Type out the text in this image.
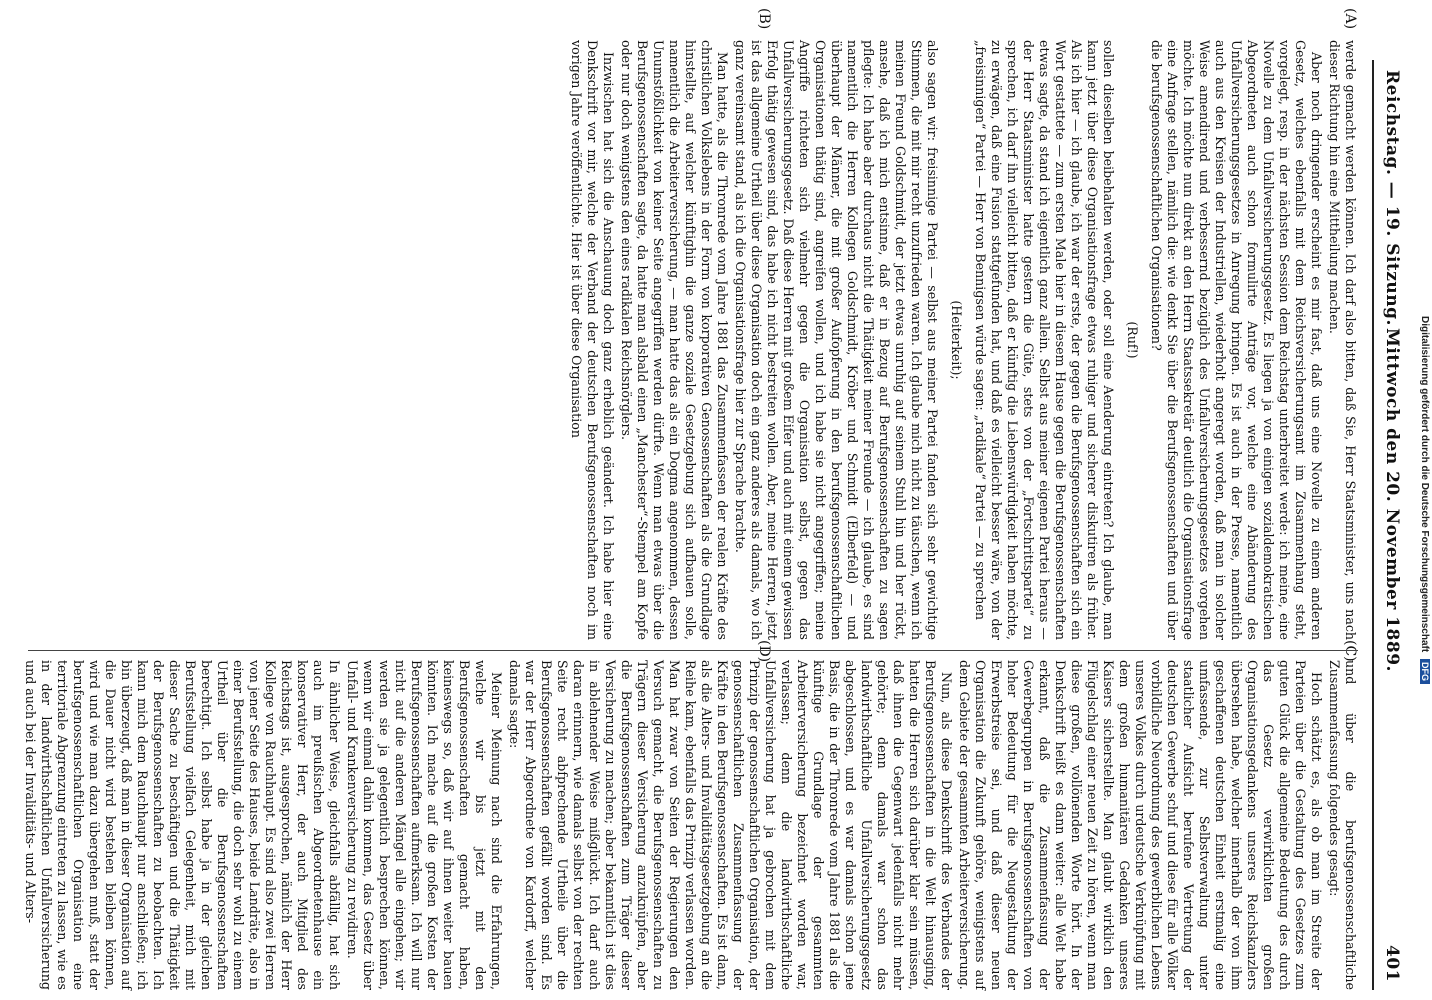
Reichstag. — 19. Sitzung.
Mittwoch den 20. November 1889.
401
(A)
(B)
(C)
(D)

werde gemacht werden können. Ich darf also bitten, daß Sie, Herr Staatsminister, uns nach dieser Richtung hin eine Mittheilung machen.

Aber noch dringender erscheint es mir fast, daß uns eine Novelle zu einem anderen Gesetz, welches ebenfalls mit dem Reichsversicherungsamt im Zusammenhang steht, vorgelegt, resp. in der nächsten Session dem Reichstag unterbreitet werde: ich meine, eine Novelle zu dem Unfallversicherungsgesetz. Es liegen ja von einigen sozialdemokratischen Abgeordneten auch schon formulirte Anträge vor, welche eine Abänderung des Unfallversicherungsgesetzes in Anregung bringen. Es ist auch in der Presse, namentlich auch aus den Kreisen der Industriellen, wiederholt angeregt worden, daß man in solcher Weise amendirend und verbessernd bezüglich des Unfallversicherungsgesetzes vorgehen möchte. Ich möchte nun direkt an den Herrn Staatssekretär deutlich die Organisationsfrage eine Anfrage stellen, nämlich die: wie denkt Sie über die Berufsgenossenschaften und über die berufsgenossenschaftlichen Organisationen?

(Ruf!)

sollen dieselben beibehalten werden, oder soll eine Aenderung eintreten? Ich glaube, man kann jetzt über diese Organisationsfrage etwas ruhiger und sicherer diskutiren als früher. Als ich hier — ich glaube, ich war der erste, der gegen die Berufsgenossenschaften sich ein Wort gestattete — zum ersten Male hier in diesem Hause gegen die Berufsgenossenschaften etwas sagte, da stand ich eigentlich ganz allein. Selbst aus meiner eigenen Partei heraus — der Herr Staatsminister hatte gestern die Güte, stets von der „Fortschrittspartei“ zu sprechen, ich darf ihn vielleicht bitten, daß er künftig die Liebenswürdigkeit haben möchte, zu erwägen, daß eine Fusion stattgefunden hat, und daß es vielleicht besser wäre, von der „freisinnigen“ Partei — Herr von Bennigsen würde sagen: „radikale“ Partei — zu sprechen

(Heiterkeit);

also sagen wir: freisinnige Partei — selbst aus meiner Partei fanden sich sehr gewichtige Stimmen, die mit mir recht unzufrieden waren. Ich glaube mich nicht zu täuschen, wenn ich meinen Freund Goldschmidt, der jetzt etwas unruhig auf seinem Stuhl hin und her rückt, ansehe, daß ich mich entsinne, daß er in Bezug auf Berufsgenossenschaften zu sagen pflegte: Ich habe aber durchaus nicht die Thätigkeit meiner Freunde — ich glaube, es sind namentlich die Herren Kollegen Goldschmidt, Kröber und Schmidt (Elberfeld) — und überhaupt der Männer, die mit großer Aufopferung in den berufsgenossenschaftlichen Organisationen thätig sind, angreifen wollen, und ich habe sie nicht angegriffen; meine Angriffe richteten sich vielmehr gegen die Organisation selbst, gegen das Unfallversicherungsgesetz. Daß diese Herren mit großem Eifer und auch mit einem gewissen Erfolg thätig gewesen sind, das habe ich nicht bestreiten wollen. Aber, meine Herren, jetzt ist das allgemeine Urtheil über diese Organisation doch ein ganz anderes als damals, wo ich ganz vereinsamt stand, als ich die Organisationsfrage hier zur Sprache brachte.

Man hatte, als die Thronrede vom Jahre 1881 das Zusammenfassen der realen Kräfte des christlichen Volkslebens in der Form von korporativen Genossenschaften als die Grundlage hinstellte, auf welcher künftighin die ganze soziale Gesetzgebung sich aufbauen solle, namentlich die Arbeiterversicherung, — man hatte das als ein Dogma angenommen, dessen Unumstößlichkeit von keiner Seite angegriffen werden dürfte. Wenn man etwas über die Berufsgenossenschaften sagte, da hatte man alsbald einen „Manchester“-Stempel am Kopfe oder nur doch wenigstens den eines radikalen Reichsnörglers.

Inzwischen hat sich die Anschauung doch ganz erheblich geändert. Ich habe hier eine Denkschrift vor mir, welche der Verband der deutschen Berufsgenossenschaften noch im vorigen Jahre veröffentlichte. Hier ist über diese Organisation

und über die berufsgenossenschaftliche Zusammenfassung folgendes gesagt:

Hoch schätzt es, als ob man im Streite der Parteien über die Gestaltung des Gesetzes zum guten Glück die allgemeine Bedeutung des durch das Gesetz verwirklichten großen Organisationsgedankens unseres Reichskanzlers übersehen habe, welcher innerhalb der von ihm geschaffenen deutschen Einheit erstmalig eine umfassende, zur Selbstverwaltung unter staatlicher Aufsicht berufene Vertretung der deutschen Gewerbe schuf und diese für alle Völker vorbildliche Neuordnung des gewerblichen Lebens unseres Volkes durch urdeutsche Verknüpfung mit dem großen humanitären Gedanken unseres Kaisers sicherstellte. Man glaubt wirklich den Flügelschlag einer neuen Zeit zu hören, wenn man diese großen, vollönenden Worte hört. In der Denkschrift heißt es dann weiter: alle Welt habe erkannt, daß die Zusammenfassung der Gewerbegruppen in Berufsgenossenschaften von hoher Bedeutung für die Neugestaltung der Erwerbstreise sei, und daß dieser neuen Organisation die Zukunft gehöre, wenigstens auf dem Gebiete der gesammten Arbeiterversicherung.

Nun, als diese Denkschrift des Verbandes der Berufsgenossenschaften in die Welt hinausging, hatten die Herren sich darüber klar sein müssen, daß ihnen die Gegenwart jedenfalls nicht mehr gehörte; denn damals war schon das landwirthschaftliche Unfallversicherungsgesetz abgeschlossen, und es war damals schon jene Basis, die in der Thronrede vom Jahre 1881 als die künftige Grundlage der gesammten Arbeiterversicherung bezeichnet worden war, verlassen; denn die landwirthschaftliche Unfallversicherung hat ja gebrochen mit dem Prinzip der genossenschaftlichen Organisation, der genossenschaftlichen Zusammenfassung der Kräfte in den Berufsgenossenschaften. Es ist dann, als die Alters- und Invaliditätsgesetzgebung an die Reihe kam, ebenfalls das Prinzip verlassen worden. Man hat zwar von Seiten der Regierungen den Versuch gemacht, die Berufsgenossenschaften zu Trägern dieser Versicherung anzuknüpfen, aber die Berufsgenossenschaften zum Träger dieser Versicherung zu machen; aber bekanntlich ist dies in ablehnender Weise mißglückt. Ich darf auch daran erinnern, wie damals selbst von der rechten Seite recht abfprechende Urtheile über die Berufsgenossenschaften gefällt worden sind. Es war der Herr Abgeordnete von Kardorff, welcher damals sagte:

Meiner Meinung nach sind die Erfahrungen, welche wir bis jetzt mit den Berufsgenossenschaften gemacht haben, keineswegs so, daß wir auf ihnen weiter bauen könnten. Ich mache auf die großen Kosten der Berufsgenossenschaften aufmerksam. Ich will nur nicht auf die anderen Mängel alle eingehen; wir werden sie ja gelegentlich besprechen können, wenn wir einmal dahin kommen, das Gesetz über Unfall- und Krankenversicherung zu revidiren.

In ähnlicher Weise, gleichfalls abfällig, hat sich auch im preußischen Abgeordnetenhause ein konservativer Herr, der auch Mitglied des Reichstags ist, ausgesprochen, nämlich der Herr Kollege von Rauchhaupt. Es sind also zwei Herren von jener Seite des Hauses, beide Landräte, also in einer Berufsstellung, die doch sehr wohl zu einem Urtheil über die Berufsgenossenschaften berechtigt. Ich selbst habe ja in der gleichen Berufsstellung vielfach Gelegenheit, mich mit dieser Sache zu beschäftigen und die Thätigkeit der Berufsgenossenschaften zu beobachten. Ich kann mich dem Rauchhaupt nur anschließen; ich bin überzeugt, daß man in dieser Organisation auf die Dauer nicht wird bestehen bleiben können, wird und wie man dazu übergehen muß, statt der berufsgenossenschaftlichen Organisation eine territoriale Abgrenzung eintreten zu lassen, wie es in der landwirthschaftlichen Unfallversicherung und auch bei der Invaliditäts- und Alters-

Digitalisierung gefördert durch die Deutsche Forschungsgemeinschaft DFG
